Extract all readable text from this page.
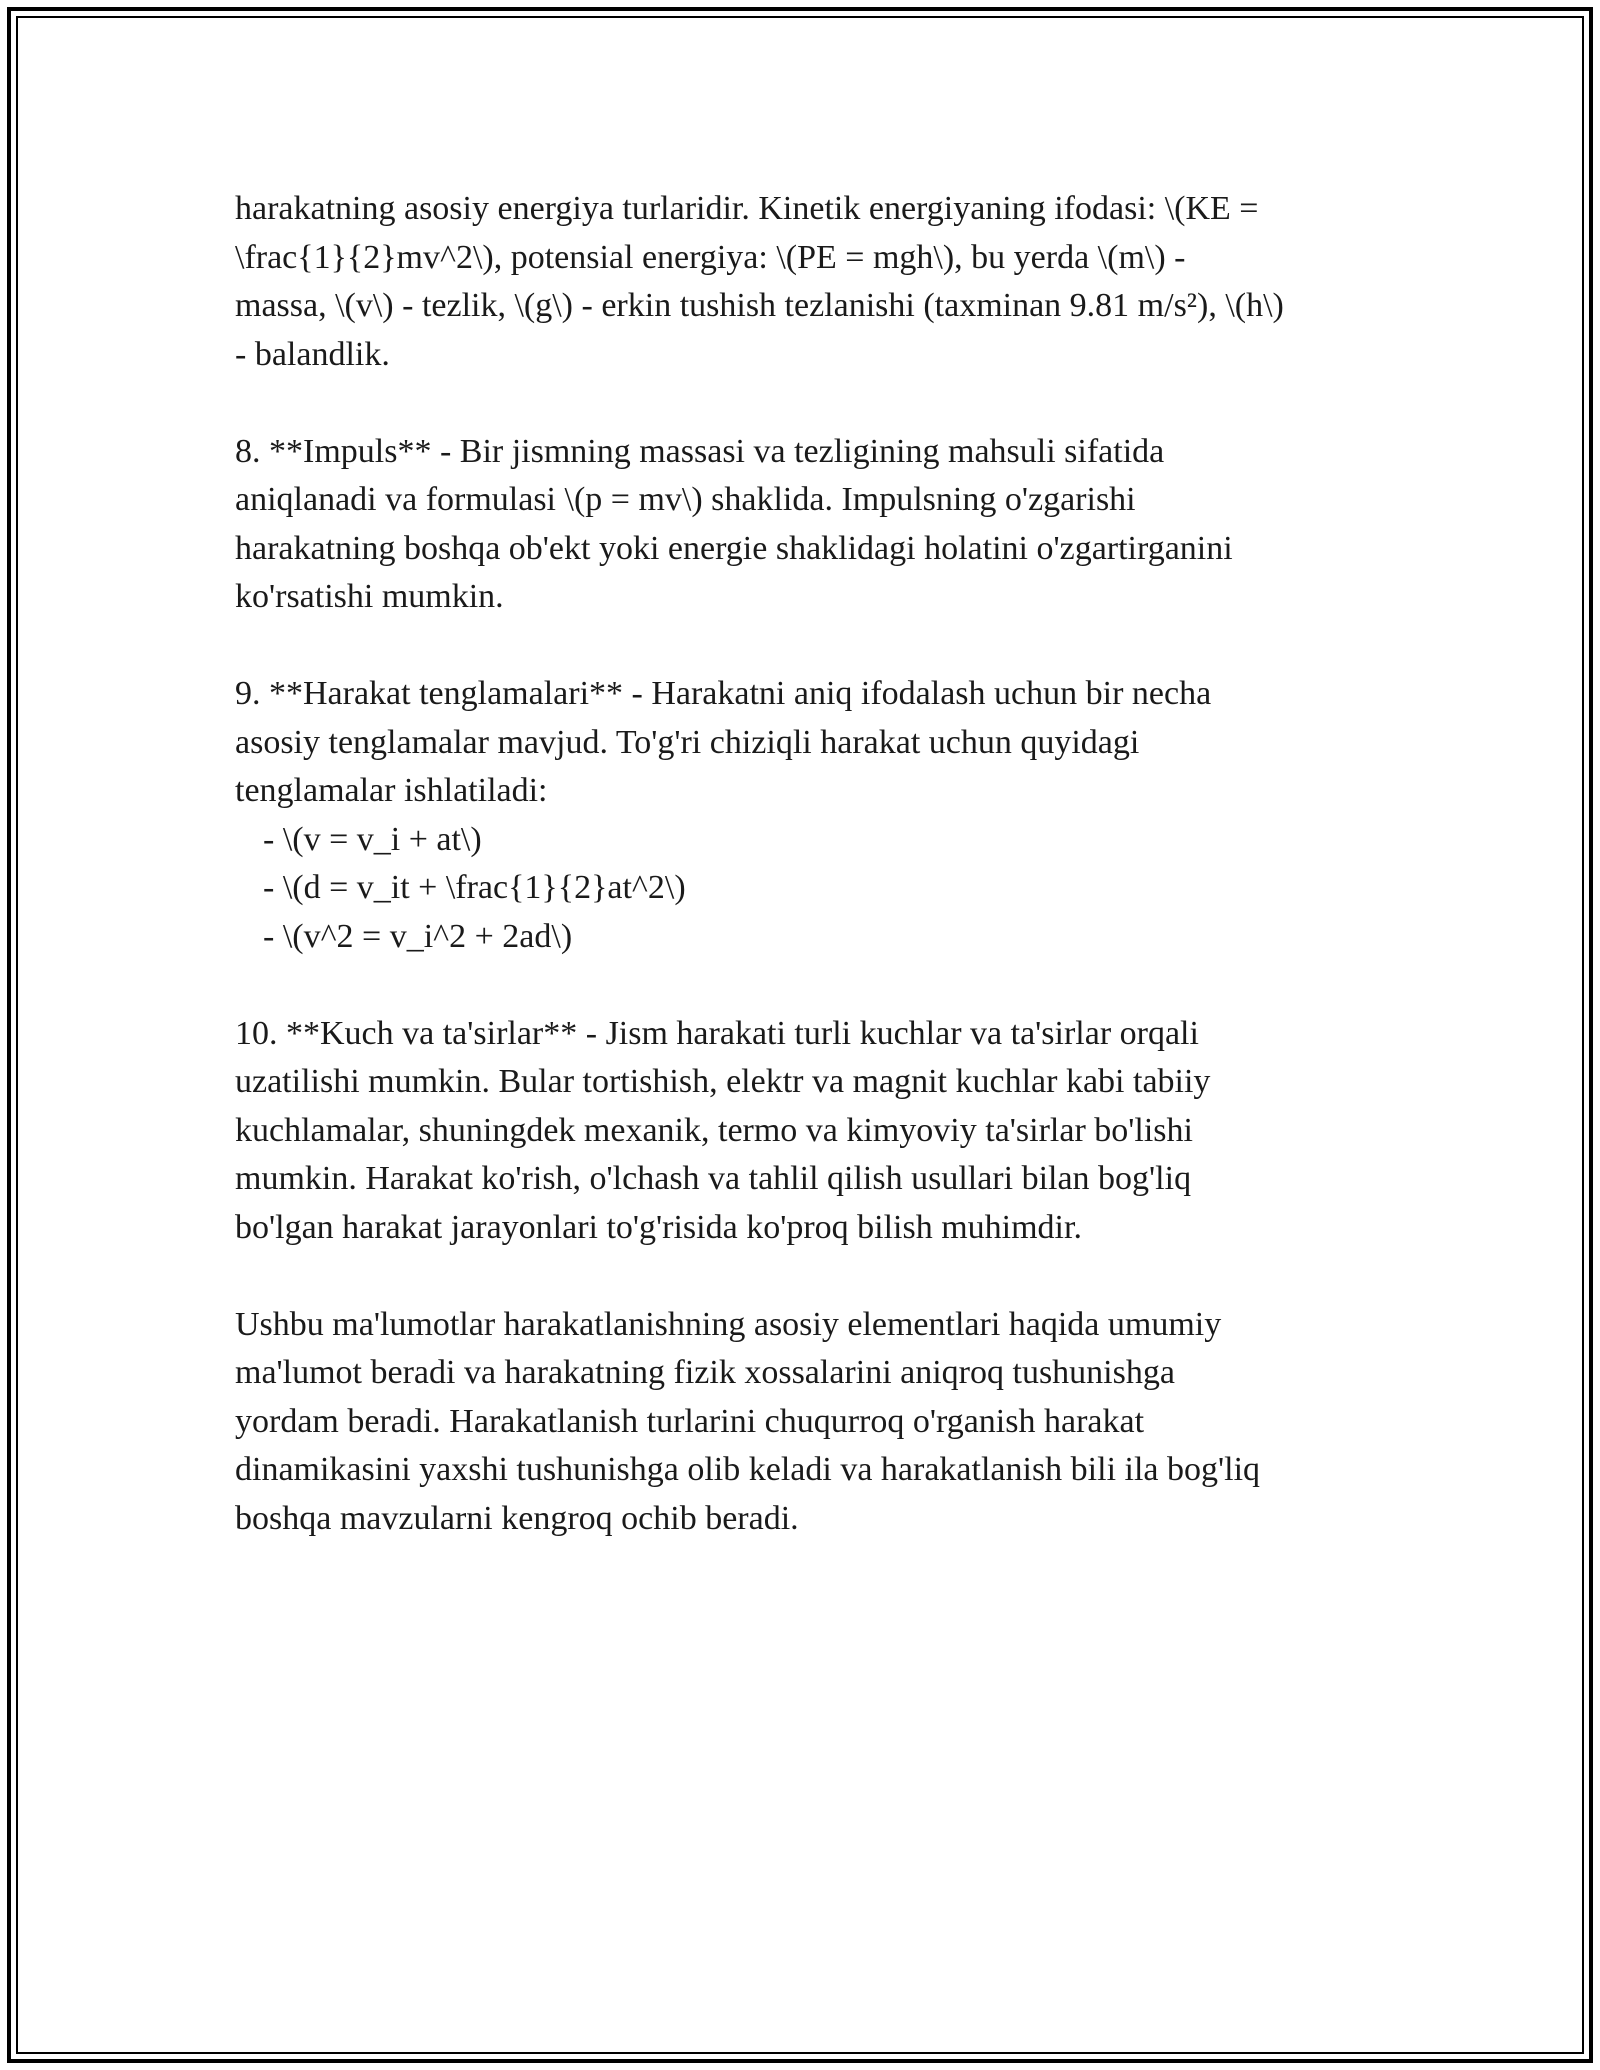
harakatning asosiy energiya turlaridir. Kinetik energiyaning ifodasi: \(KE =
\frac{1}{2}mv^2\), potensial energiya: \(PE = mgh\), bu yerda \(m\) -
massa, \(v\) - tezlik, \(g\) - erkin tushish tezlanishi (taxminan 9.81 m/s²), \(h\)
- balandlik.
8. **Impuls** - Bir jismning massasi va tezligining mahsuli sifatida
aniqlanadi va formulasi \(p = mv\) shaklida. Impulsning o'zgarishi
harakatning boshqa ob'ekt yoki energie shaklidagi holatini o'zgartirganini
ko'rsatishi mumkin.
9. **Harakat tenglamalari** - Harakatni aniq ifodalash uchun bir necha
asosiy tenglamalar mavjud. To'g'ri chiziqli harakat uchun quyidagi
tenglamalar ishlatiladi:
- \(v = v_i + at\)
- \(d = v_it + \frac{1}{2}at^2\)
- \(v^2 = v_i^2 + 2ad\)
10. **Kuch va ta'sirlar** - Jism harakati turli kuchlar va ta'sirlar orqali
uzatilishi mumkin. Bular tortishish, elektr va magnit kuchlar kabi tabiiy
kuchlamalar, shuningdek mexanik, termo va kimyoviy ta'sirlar bo'lishi
mumkin. Harakat ko'rish, o'lchash va tahlil qilish usullari bilan bog'liq
bo'lgan harakat jarayonlari to'g'risida ko'proq bilish muhimdir.
Ushbu ma'lumotlar harakatlanishning asosiy elementlari haqida umumiy
ma'lumot beradi va harakatning fizik xossalarini aniqroq tushunishga
yordam beradi. Harakatlanish turlarini chuqurroq o'rganish harakat
dinamikasini yaxshi tushunishga olib keladi va harakatlanish bili ila bog'liq
boshqa mavzularni kengroq ochib beradi.
